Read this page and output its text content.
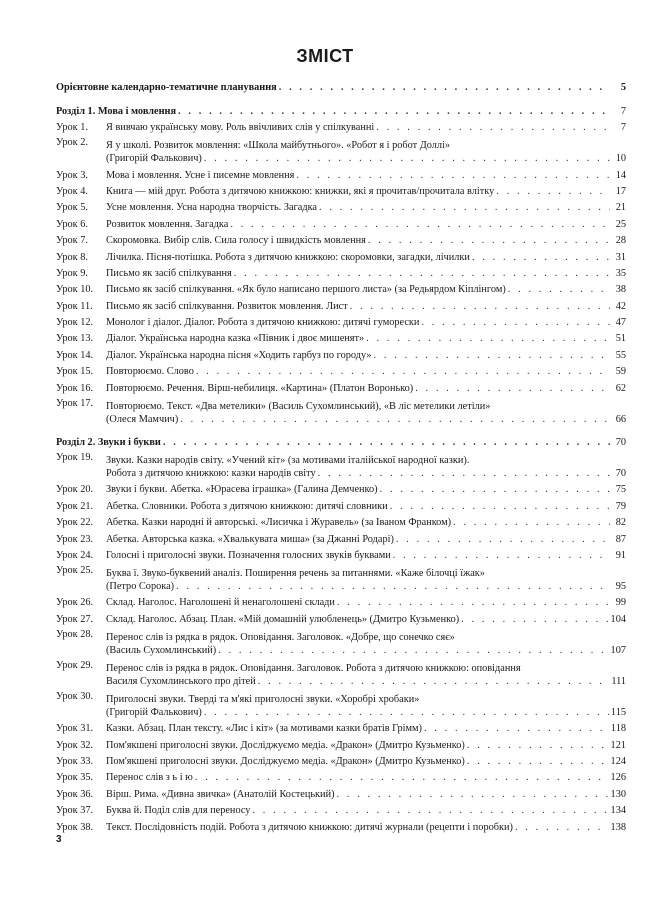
ЗМІСТ
Орієнтовне календарно-тематичне планування . . .	5
Розділ 1. Мова і мовлення . . .	7
Урок 1.	Я вивчаю українську мову. Роль ввічливих слів у спілкуванні . . .	7
Урок 2.	Я у школі. Розвиток мовлення: «Школа майбутнього». «Робот я і робот Доллі»
(Григорій Фалькович) . . .	10
Урок 3.	Мова і мовлення. Усне і писемне мовлення . . .	14
Урок 4.	Книга — мій друг. Робота з дитячою книжкою: книжки, які я прочитав/прочитала влітку . . .	17
Урок 5.	Усне мовлення. Усна народна творчість. Загадка . . .	21
Урок 6.	Розвиток мовлення. Загадка . . .	25
Урок 7.	Скоромовка. Вибір слів. Сила голосу і швидкість мовлення . . .	28
Урок 8.	Лічилка. Пісня-потішка. Робота з дитячою книжкою: скоромовки, загадки, лічилки . . .	31
Урок 9.	Письмо як засіб спілкування . . .	35
Урок 10.	Письмо як засіб спілкування. «Як було написано першого листа» (за Редьярдом Кіплінгом) . . .	38
Урок 11.	Письмо як засіб спілкування. Розвиток мовлення. Лист . . .	42
Урок 12.	Монолог і діалог. Діалог. Робота з дитячою книжкою: дитячі гуморески . . .	47
Урок 13.	Діалог. Українська народна казка «Півник і двоє мишенят» . . .	51
Урок 14.	Діалог. Українська народна пісня «Ходить гарбуз по городу» . . .	55
Урок 15.	Повторюємо. Слово . . .	59
Урок 16.	Повторюємо. Речення. Вірш-небилиця. «Картина» (Платон Воронько) . . .	62
Урок 17.	Повторюємо. Текст. «Два метелики» (Василь Сухомлинський), «В ліс метелики летіли»
(Олеся Мамчич) . . .	66
Розділ 2. Звуки і букви . . .	70
Урок 19.	Звуки. Казки народів світу. «Учений кіт» (за мотивами італійської народної казки).
Робота з дитячою книжкою: казки народів світу . . .	70
Урок 20.	Звуки і букви. Абетка. «Юрасева іграшка» (Галина Демченко) . . .	75
Урок 21.	Абетка. Словники. Робота з дитячою книжкою: дитячі словники . . .	79
Урок 22.	Абетка. Казки народні й авторські. «Лисичка і Журавель» (за Іваном Франком) . . .	82
Урок 23.	Абетка. Авторська казка. «Хвалькувата миша» (за Джанні Родарі) . . .	87
Урок 24.	Голосні і приголосні звуки. Позначення голосних звуків буквами . . .	91
Урок 25.	Буква ї. Звуко-буквений аналіз. Поширення речень за питаннями. «Каже білочці їжак»
(Петро Сорока) . . .	95
Урок 26.	Склад. Наголос. Наголошені й ненаголошені склади . . .	99
Урок 27.	Склад. Наголос. Абзац. План. «Мій домашній улюбленець» (Дмитро Кузьменко) . . .	104
Урок 28.	Перенос слів із рядка в рядок. Оповідання. Заголовок. «Добре, що сонечко сяє»
(Василь Сухомлинський) . . .	107
Урок 29.	Перенос слів із рядка в рядок. Оповідання. Заголовок. Робота з дитячою книжкою: оповідання
Василя Сухомлинського про дітей . . .	111
Урок 30.	Приголосні звуки. Тверді та м'які приголосні звуки. «Хоробрі хробаки»
(Григорій Фалькович) . . .	115
Урок 31.	Казки. Абзац. План тексту. «Лис і кіт» (за мотивами казки братів Грімм) . . .	118
Урок 32.	Пом'якшені приголосні звуки. Досліджуємо медіа. «Дракон» (Дмитро Кузьменко) . . .	121
Урок 33.	Пом'якшені приголосні звуки. Досліджуємо медіа. «Дракон» (Дмитро Кузьменко) . . .	124
Урок 35.	Перенос слів з ь і ю . . .	126
Урок 36.	Вірш. Рима. «Дивна звичка» (Анатолій Костецький) . . .	130
Урок 37.	Буква й. Поділ слів для переносу . . .	134
Урок 38.	Текст. Послідовність подій. Робота з дитячою книжкою: дитячі журнали (рецепти і поробки) . . .	138
3
